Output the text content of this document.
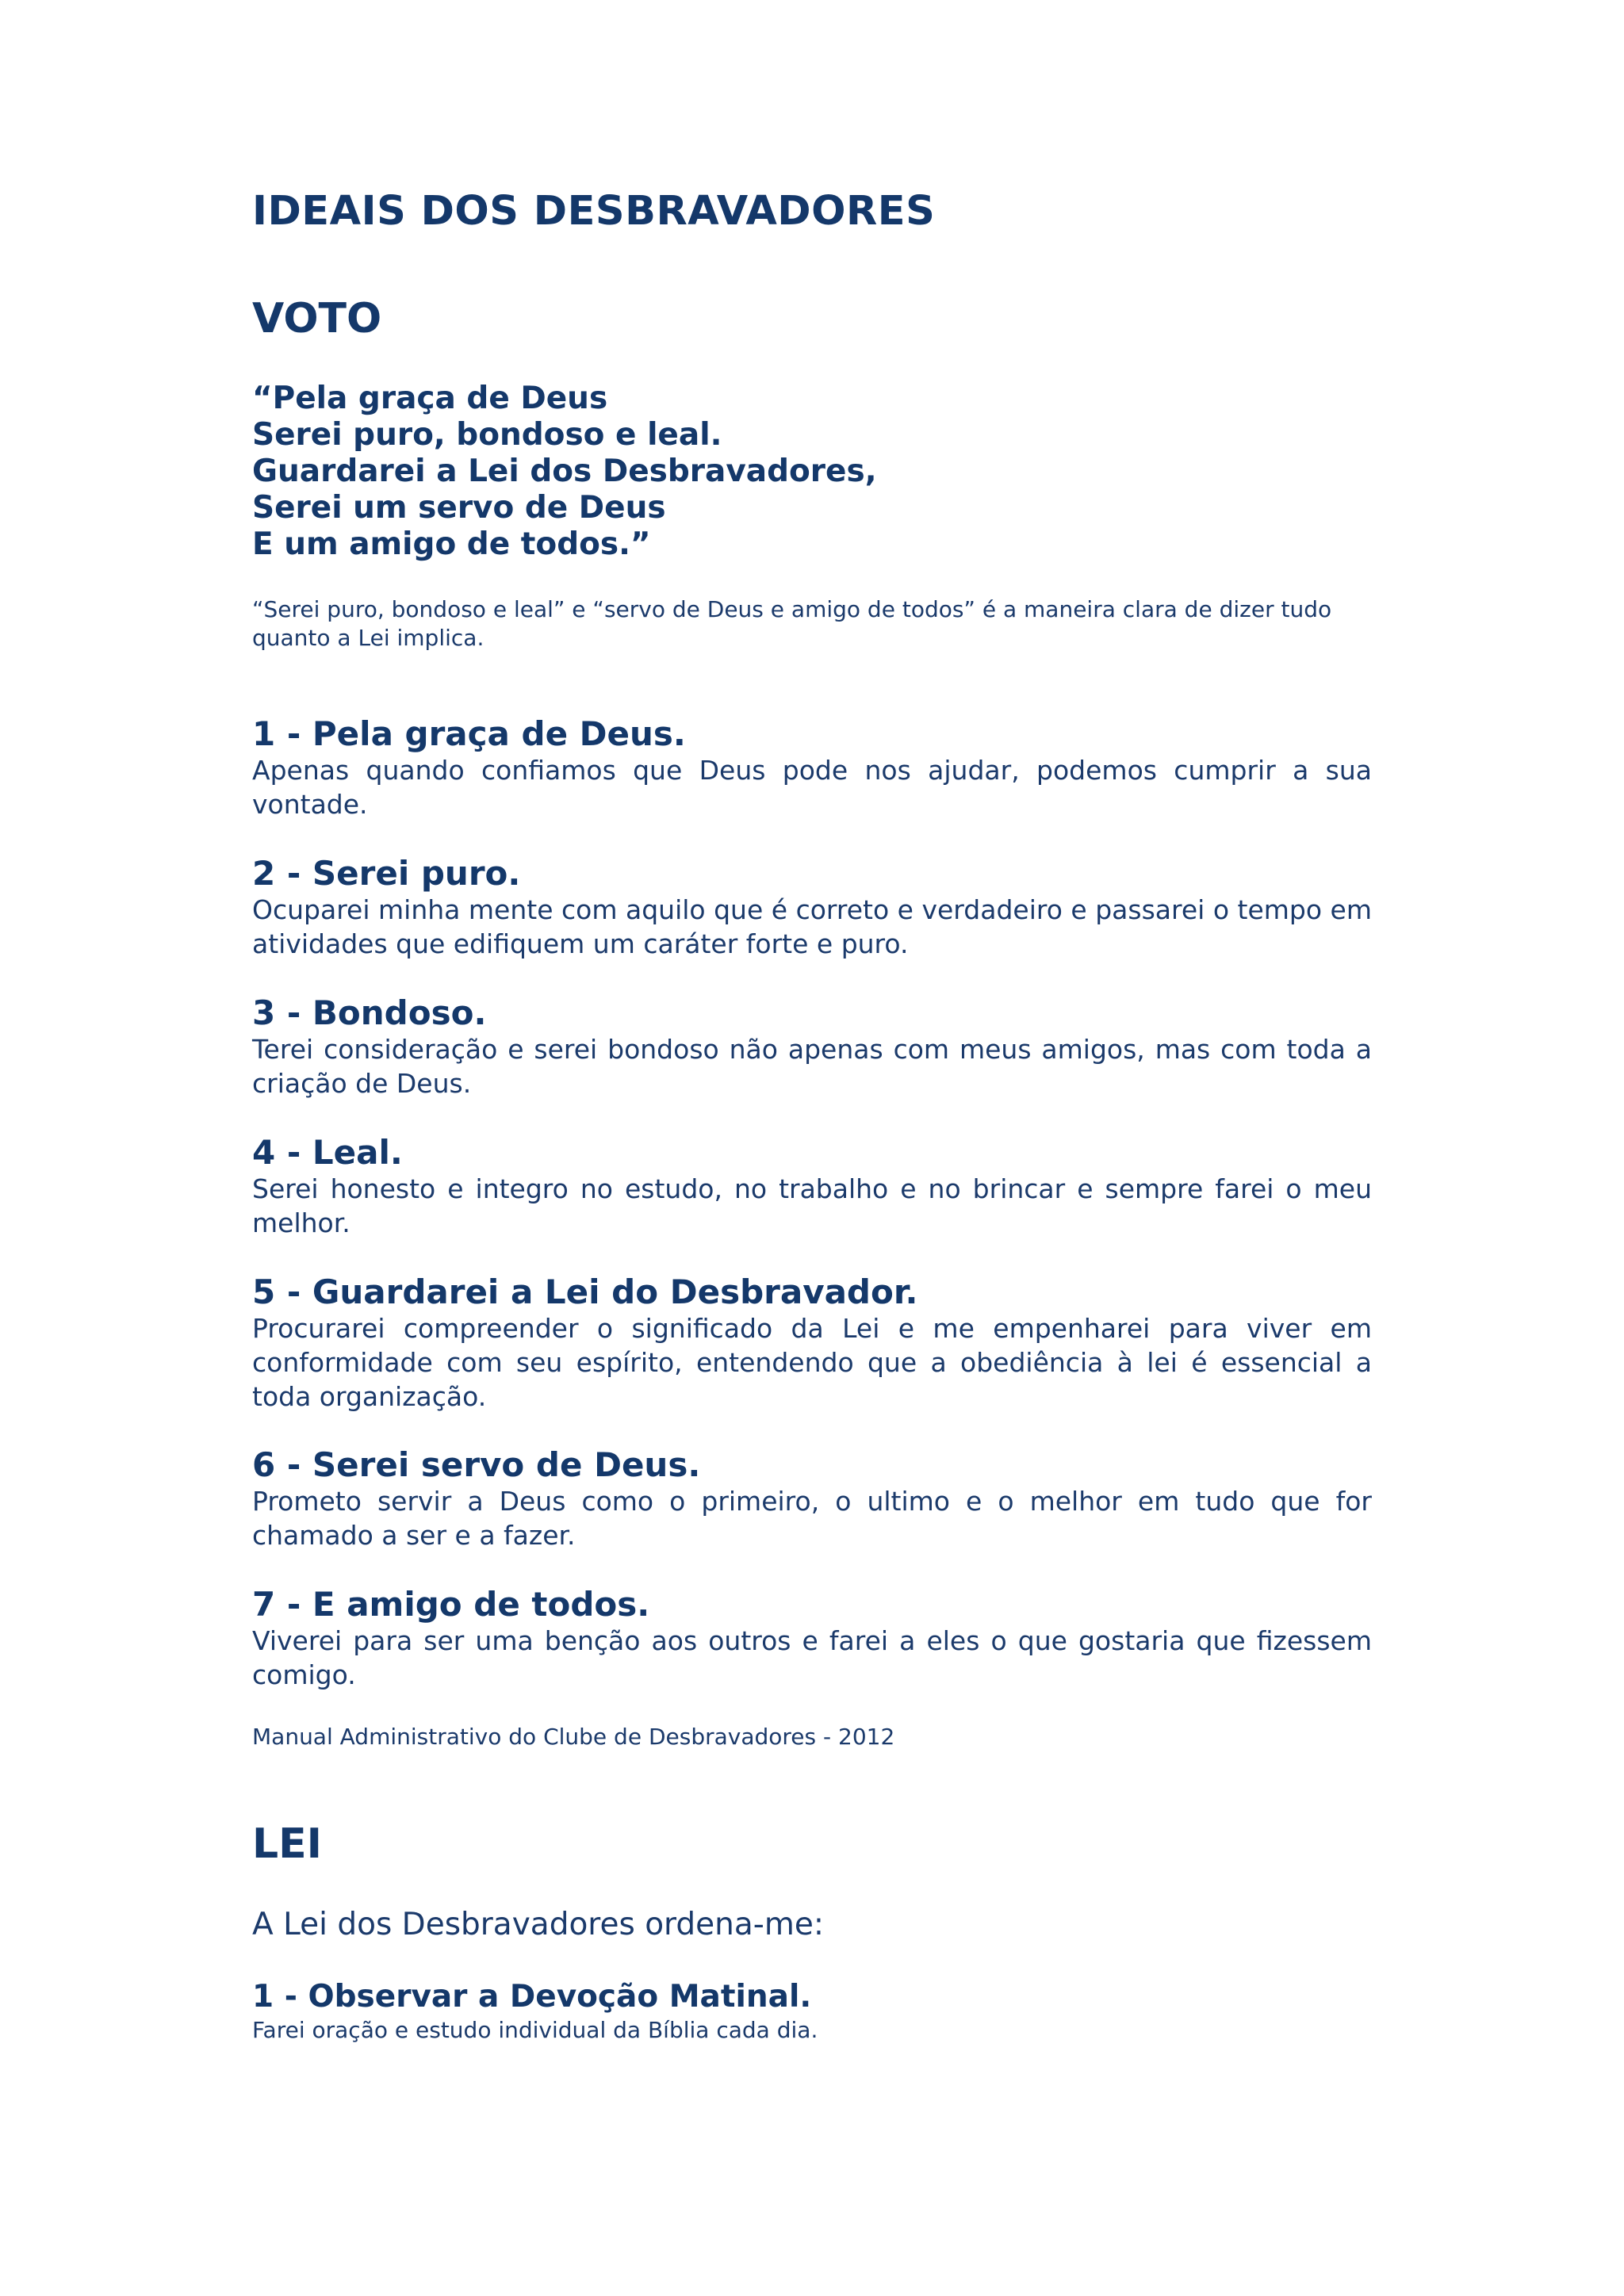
IDEAIS DOS DESBRAVADORES
VOTO

“Pela graça de Deus
Serei puro, bondoso e leal.
Guardarei a Lei dos Desbravadores,
Serei um servo de Deus
E um amigo de todos.”

“Serei puro, bondoso e leal” e “servo de Deus e amigo de todos” é a maneira clara de dizer tudo quanto a Lei implica.

1 - Pela graça de Deus.

Apenas quando confiamos que Deus pode nos ajudar, podemos cumprir a sua vontade.

2 - Serei puro.

Ocuparei minha mente com aquilo que é correto e verdadeiro e passarei o tempo em atividades que edifiquem um caráter forte e puro.

3 - Bondoso.

Terei consideração e serei bondoso não apenas com meus amigos, mas com toda a criação de Deus.

4 - Leal.

Serei honesto e integro no estudo, no trabalho e no brincar e sempre farei o meu melhor.

5 - Guardarei a Lei do Desbravador.

Procurarei compreender o significado da Lei e me empenharei para viver em conformidade com seu espírito, entendendo que a obediência à lei é essencial a toda organização.

6 - Serei servo de Deus.

Prometo servir a Deus como o primeiro, o ultimo e o melhor em tudo que for chamado a ser e a fazer.

7 - E amigo de todos.

Viverei para ser uma benção aos outros e farei a eles o que gostaria que fizessem comigo.

Manual Administrativo do Clube de Desbravadores - 2012

LEI

A Lei dos Desbravadores ordena-me:

1 - Observar a Devoção Matinal.

Farei oração e estudo individual da Bíblia cada dia.
